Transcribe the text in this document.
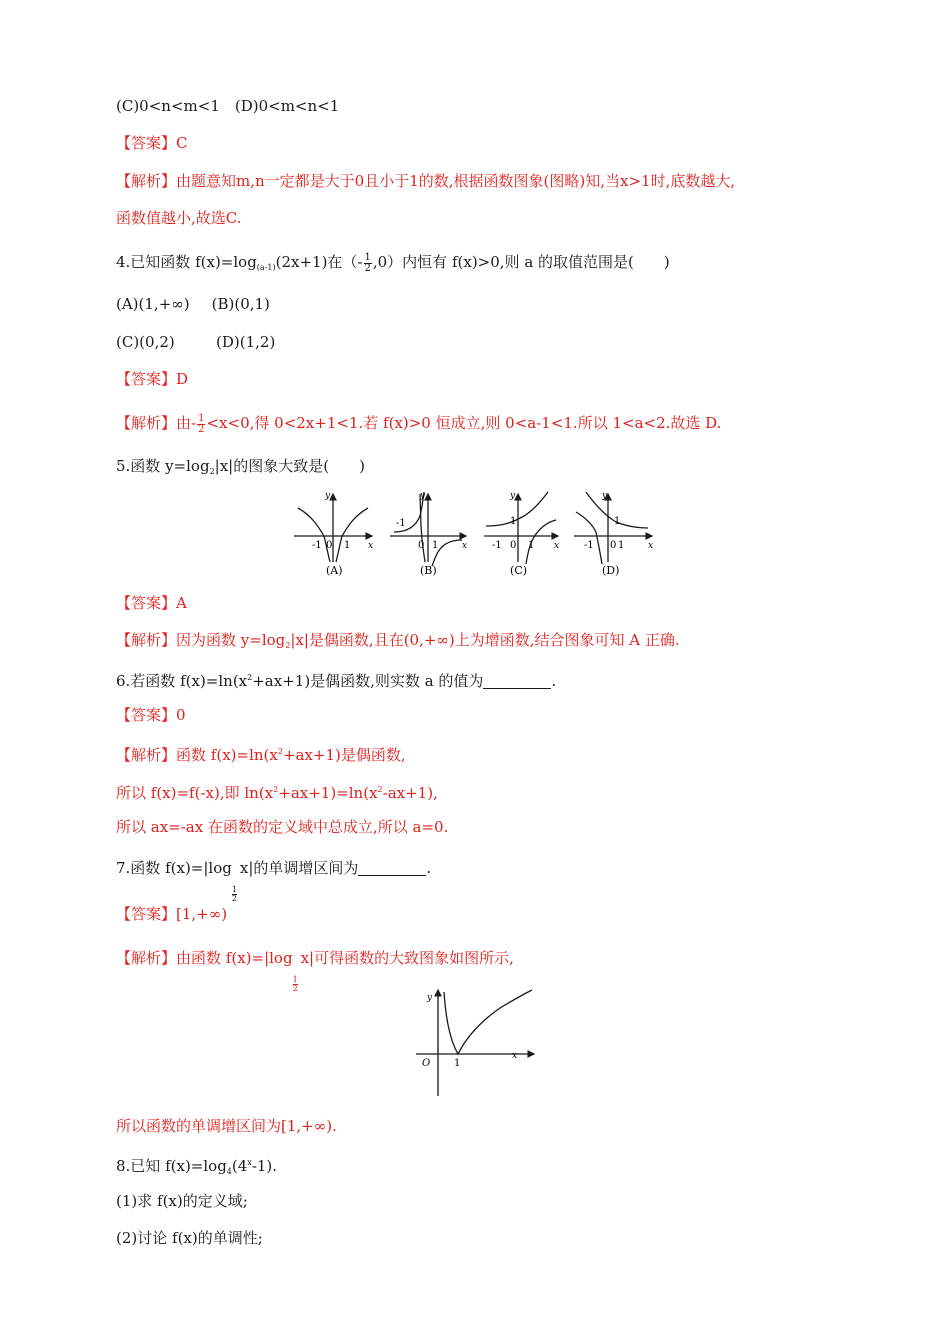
(C)0<n<m<1　(D)0<m<n<1
【答案】C
【解析】由题意知m,n一定都是大于0且小于1的数,根据函数图象(图略)知,当x>1时,底数越大,
函数值越小,故选C.
4.已知函数 $f(x)=\log_{(a-1)}(2x+1)$在（- $\frac{1}{2} ,0$）内恒有 f(x)>0,则 a 的取值范围是(　　)
(A)(1,+∞) (B)(0,1)
(C)(0,2)	(D)(1,2)
【答案】D
【解析】由- $\frac{1}{2} <x<0$,得 0<2x+1<1.若 f(x)>0 恒成立,则 0<a-1<1.所以 1<a<2.故选 D.
5.函数 $y=\log_2|x|$的图象大致是(　　)
y
x
-1 0 1
(A)
y
x
-1
0 1
(B)
y
x
1
-1 0 1
(C)
y
x
1
-1 0 1
(D)
【答案】A
【解析】因为函数 $y=\log_2|x|$是偶函数,且在(0,+∞)上为增函数,结合图象可知 A 正确.
6.若函数 $f(x)=\ln(x^2+ax+1)$是偶函数,则实数 a 的值为	.
【答案】0
【解析】函数 $f(x)=\ln(x^2+ax+1)$是偶函数,
所以 f(x)=f(-x),即 $\ln(x^2+ax+1)=\ln(x^2-ax+1)$,
所以 ax=-ax 在函数的定义域中总成立,所以 a=0.
7.函数 f(x)=|log
$\frac{1}{2}$
x|的单调增区间为	.
【答案】[1,+∞)
【解析】由函数 f(x)=|log
$\frac{1}{2}$
x|可得函数的大致图象如图所示,
y
x
O 1
所以函数的单调增区间为[1,+∞).
8.已知 $f(x)=\log_4(4^x-1)$.
(1)求 f(x)的定义域;
(2)讨论 f(x)的单调性;
